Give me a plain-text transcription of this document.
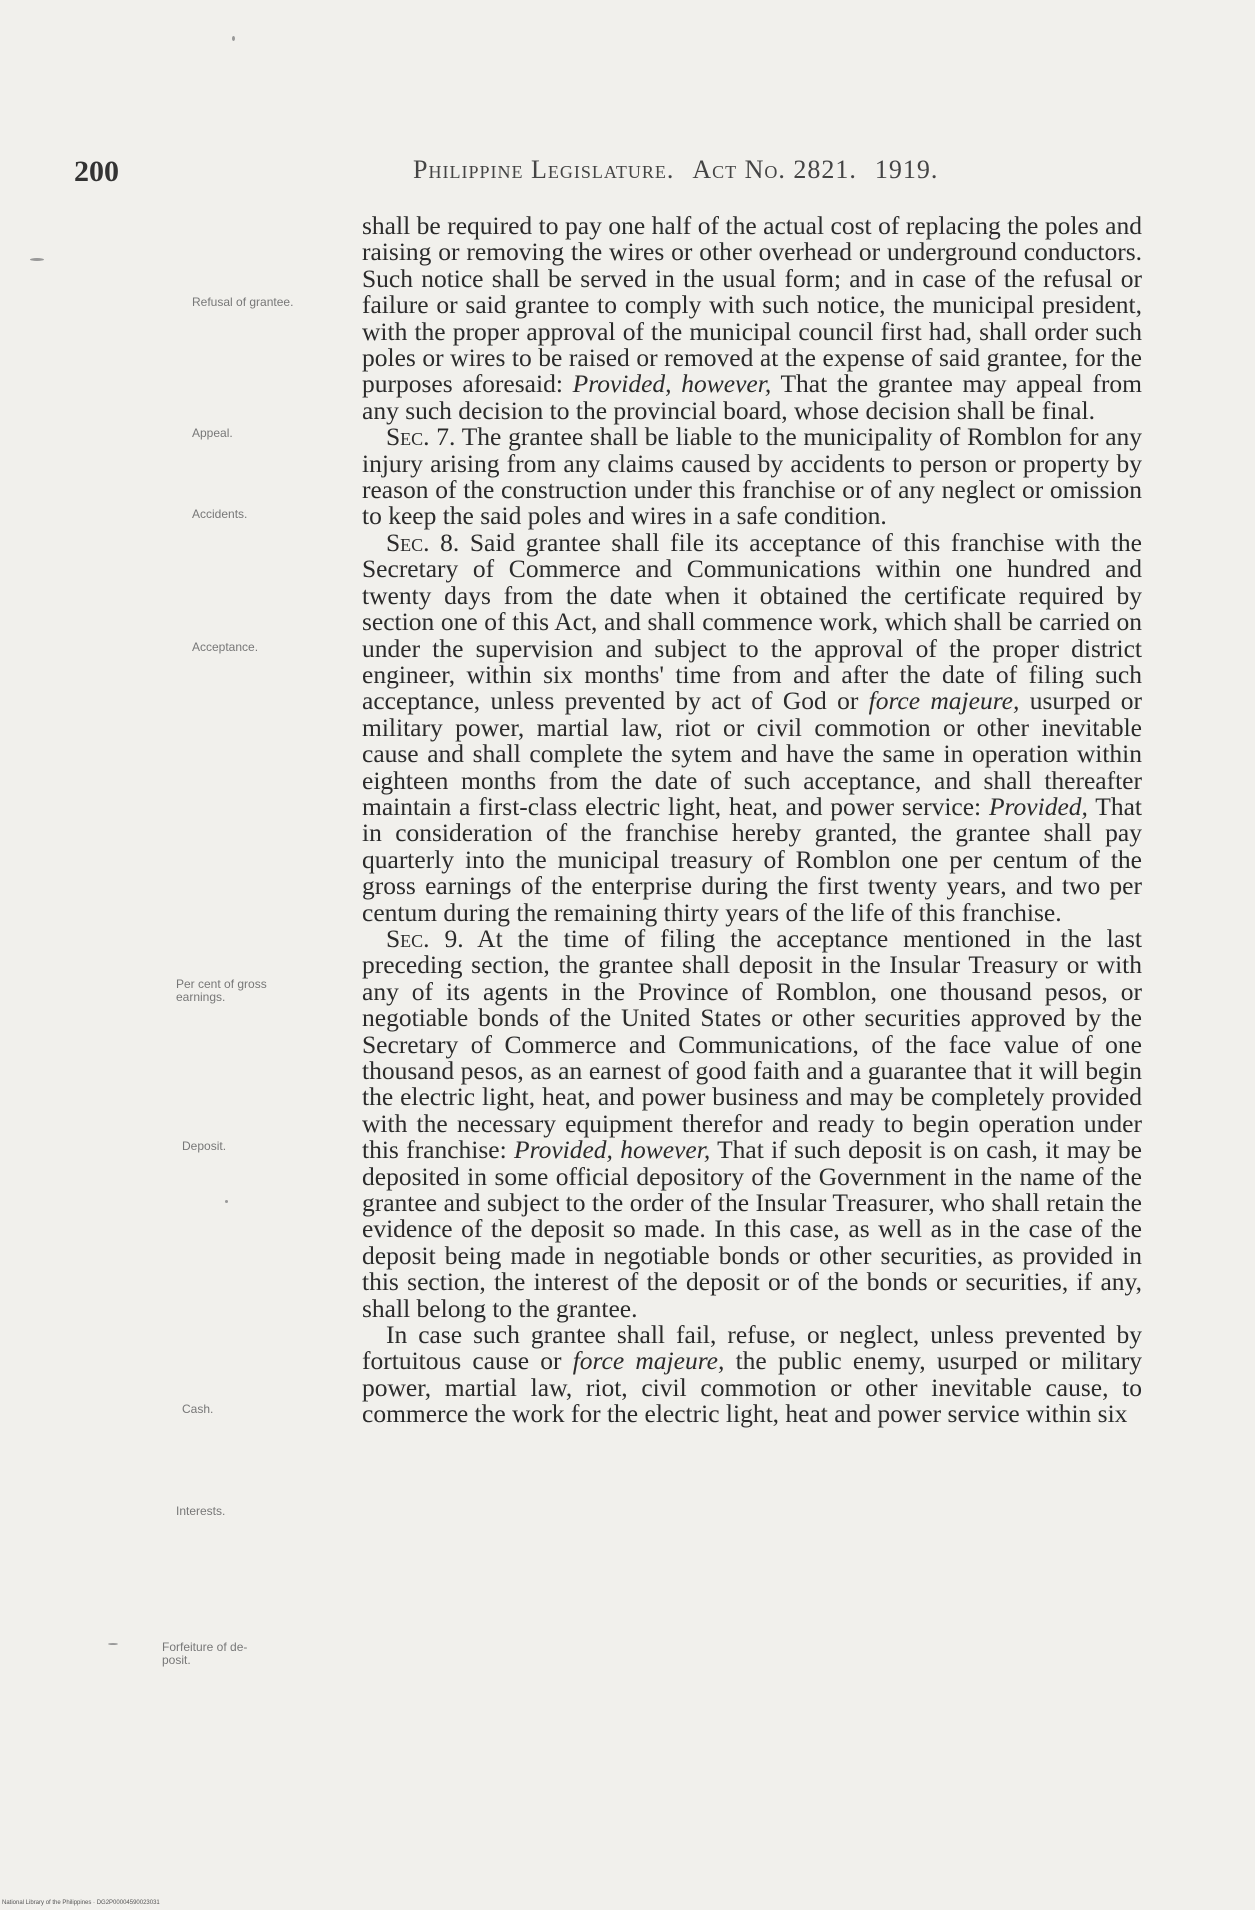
200	Philippine Legislature. Act No. 2821. 1919.
Refusal of grantee.
Appeal.
Accidents.
Acceptance.
Per cent of gross
earnings.
Deposit.
Cash.
Interests.
Forfeiture of de-
posit.

shall be required to pay one half of the actual cost of replacing the poles and raising or removing the wires or other overhead or underground conductors. Such notice shall be served in the usual form; and in case of the refusal or failure or said grantee to comply with such notice, the municipal president, with the proper approval of the municipal council first had, shall order such poles or wires to be raised or removed at the expense of said grantee, for the purposes aforesaid: Provided, however, That the grantee may appeal from any such decision to the provincial board, whose decision shall be final.

Sec. 7. The grantee shall be liable to the municipality of Romblon for any injury arising from any claims caused by accidents to person or property by reason of the construction under this franchise or of any neglect or omission to keep the said poles and wires in a safe condition.

Sec. 8. Said grantee shall file its acceptance of this franchise with the Secretary of Commerce and Communications within one hundred and twenty days from the date when it obtained the certificate required by section one of this Act, and shall commence work, which shall be carried on under the supervision and subject to the approval of the proper district engineer, within six months' time from and after the date of filing such acceptance, unless prevented by act of God or force majeure, usurped or military power, martial law, riot or civil commotion or other inevitable cause and shall complete the sytem and have the same in operation within eighteen months from the date of such acceptance, and shall thereafter maintain a first-class electric light, heat, and power service: Provided, That in consideration of the franchise hereby granted, the grantee shall pay quarterly into the municipal treasury of Romblon one per centum of the gross earnings of the enterprise during the first twenty years, and two per centum during the remaining thirty years of the life of this franchise.

Sec. 9. At the time of filing the acceptance mentioned in the last preceding section, the grantee shall deposit in the Insular Treasury or with any of its agents in the Province of Romblon, one thousand pesos, or negotiable bonds of the United States or other securities approved by the Secretary of Commerce and Communications, of the face value of one thousand pesos, as an earnest of good faith and a guarantee that it will begin the electric light, heat, and power business and may be completely provided with the necessary equipment therefor and ready to begin operation under this franchise: Provided, however, That if such deposit is on cash, it may be deposited in some official depository of the Government in the name of the grantee and subject to the order of the Insular Treasurer, who shall retain the evidence of the deposit so made. In this case, as well as in the case of the deposit being made in negotiable bonds or other securities, as provided in this section, the interest of the deposit or of the bonds or securities, if any, shall belong to the grantee.

In case such grantee shall fail, refuse, or neglect, unless prevented by fortuitous cause or force majeure, the public enemy, usurped or military power, martial law, riot, civil commotion or other inevitable cause, to commerce the work for the electric light, heat and power service within six

National Library of the Philippines · DG2P00004590023031
